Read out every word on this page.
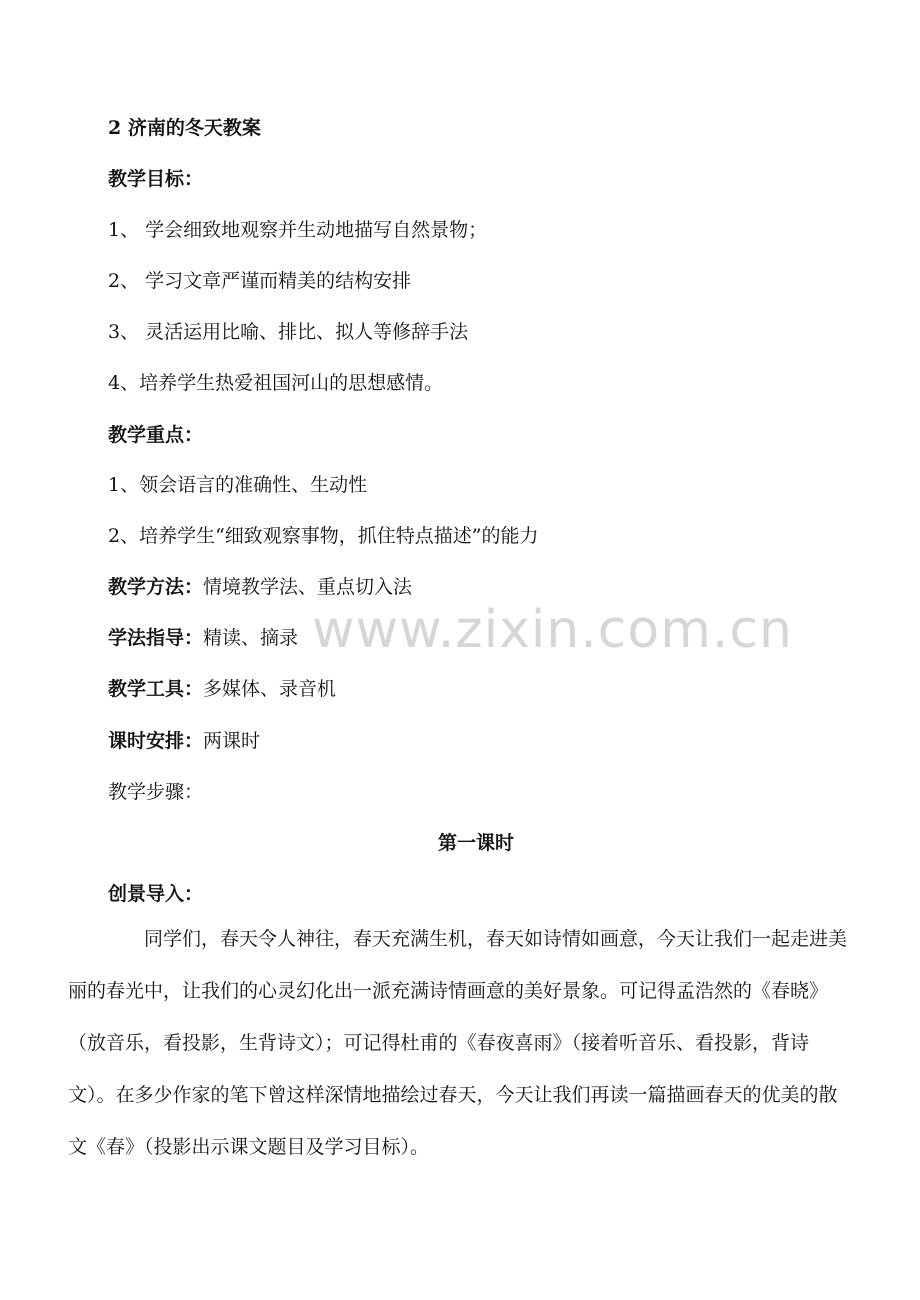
www.zixin.com.cn
2 济南的冬天教案
教学目标：
1、 学会细致地观察并生动地描写自然景物；
2、 学习文章严谨而精美的结构安排
3、 灵活运用比喻、排比、拟人等修辞手法
4、培养学生热爱祖国河山的思想感情。
教学重点：
1、领会语言的准确性、生动性
2、培养学生“细致观察事物，抓住特点描述”的能力
教学方法：情境教学法、重点切入法
学法指导：精读、摘录
教学工具：多媒体、录音机
课时安排：两课时
教学步骤：
第一课时
创景导入：
同学们，春天令人神往，春天充满生机，春天如诗情如画意，今天让我们一起走进美
丽的春光中，让我们的心灵幻化出一派充满诗情画意的美好景象。可记得孟浩然的《春晓》
（放音乐，看投影，生背诗文）；可记得杜甫的《春夜喜雨》（接着听音乐、看投影，背诗
文）。在多少作家的笔下曾这样深情地描绘过春天，今天让我们再读一篇描画春天的优美的散
文《春》（投影出示课文题目及学习目标）。
